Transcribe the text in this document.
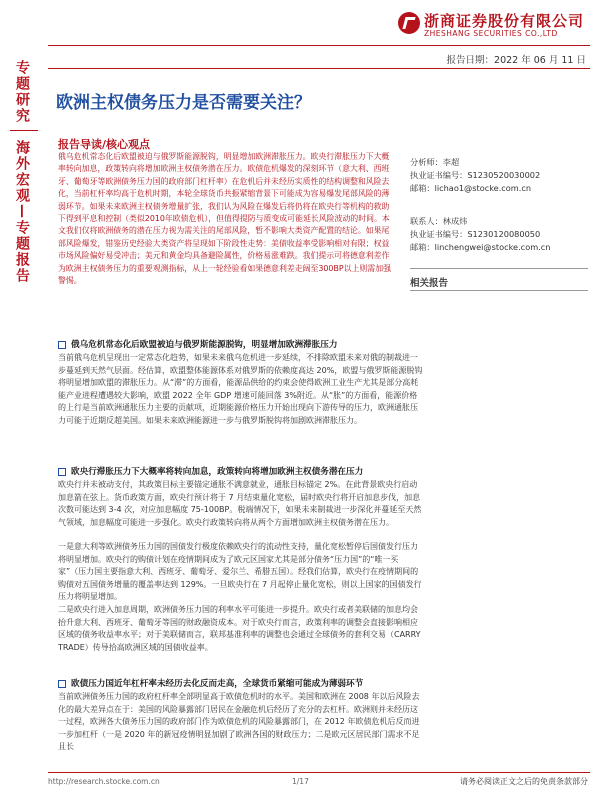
浙商证券股份有限公司
ZHESHANG SECURITIES CO.,LTD
报告日期：2022 年 06 月 11 日
专题研究
海外宏观—专题报告
欧洲主权债务压力是否需要关注？
报告导读/核心观点
俄乌危机常态化后欧盟被迫与俄罗斯能源脱钩，明显增加欧洲滞胀压力。欧央行滞胀压力下大概率转向加息，政策转向将增加欧洲主权债务潜在压力。欧债危机爆发的深刻环节（意大利、西班牙、葡萄牙等欧洲债务压力国的政府部门杠杆率）在危机后并未经历实质性的结构调整和风险去化，当前杠杆率均高于危机时期，本轮全球货币共振紧缩背景下可能成为容易爆发尾部风险的薄弱环节。如果未来欧洲主权债务增量扩张，我们认为风险在爆发后将仍将在欧央行等机构的救助下得到平息和控制（类似2010年欧债危机），但值得提防与质变成可能延长风险波动的时间。本文我们仅将欧洲债务的潜在压力视为需关注的尾部风险，暂不影响大类资产配置的结论。如果尾部风险爆发，错鉴历史经验大类资产将呈现如下阶段性走势：美债收益率受影响相对有限；权益市场风险偏好易受冲击；美元和黄金均具备避险属性，价格易涨难跌。我们提示可将德意利差作为欧洲主权债务压力的重要观测指标，从上一轮经验看如果德意利差走阔至300BP以上则需加强警惕。
分析师：李超
执业证书编号：S1230520030002
邮箱：lichao1@stocke.com.cn
联系人：林成炜
执业证书编号：S1230120080050
邮箱：linchengwei@stocke.com.cn
相关报告
俄乌危机常态化后欧盟被迫与俄罗斯能源脱钩，明显增加欧洲滞胀压力
当前俄乌危机呈现出一定常态化趋势，如果未来俄乌危机进一步延续，不排除欧盟未来对俄的制裁进一步蔓延到天然气层面。经估算，欧盟整体能源体系对俄罗斯的依赖度高达 20%，欧盟与俄罗斯能源脱钩将明显增加欧盟的滞胀压力。从“滞”的方面看，能源品供给的约束会使得欧洲工业生产尤其是部分高耗能产业进程遭遇较大影响，欧盟 2022 全年 GDP 增速可能回落 3%附近。从“胀”的方面看，能源价格的上行是当前欧洲通胀压力主要的贡献项，近期能源价格压力开始出现向下游传导的压力，欧洲通胀压力可能于近期反超美国。如果未来欧洲能源进一步与俄罗斯脱钩将加剧欧洲滞胀压力。
欧央行滞胀压力下大概率将转向加息，政策转向将增加欧洲主权债务潜在压力
欧央行并未被动支付，其政策目标主要锚定通胀不满意就业，通胀目标锚定 2%。在此背景欧央行启动加息箭在弦上。货币政策方面，欧央行预计将于 7 月结束量化宽松，届时欧央行将开启加息步伐，加息次数可能达到 3-4 次，对应加息幅度 75-100BP。税端情况下，如果未来制裁进一步深化并蔓延至天然气领域，加息幅度可能进一步强化。欧央行政策转向将从两个方面增加欧洲主权债务潜在压力。
一是意大利等欧洲债务压力国的国债发行极度依赖欧央行的流动性支持，量化宽松暂停后国债发行压力将明显增加。欧央行的购债计划在疫情期间成为了欧元区国家尤其是部分债务“压力国”的“唯一买家”（压力国主要指意大利、西班牙、葡萄牙、爱尔兰、希腊五国）。经我们估算，欧央行在疫情期间的购债对五国债务增量的覆盖率达到 129%。一旦欧央行在 7 月起停止量化宽松，则以上国家的国债发行压力将明显增加。
二是欧央行进入加息周期，欧洲债务压力国的利率水平可能进一步提升。欧央行或者美联储的加息均会抬升意大利、西班牙、葡萄牙等国的财政融资成本。对于欧央行而言，政策利率的调整会直接影响相应区域的债务收益率水平；对于美联储而言，联邦基准利率的调整也会通过全球债务的套利交易（CARRY TRADE）传导拾高欧洲区域的国债收益率。
欧债压力国近年杠杆率未经历去化反而走高，全球货币紧缩可能成为薄弱环节
当前欧洲债务压力国的政府杠杆率全部明显高于欧债危机时的水平。美国和欧洲在 2008 年以后风险去化的最大差异点在于：美国的风险暴露部门居民在金融危机后经历了充分的去杠杆。欧洲则并未经历这一过程，欧洲各大债务压力国的政府部门作为欧债危机的风险暴露部门，在 2012 年欧债危机后反而进一步加杠杆（一是 2020 年的新冠疫情明显加剧了欧洲各国的财政压力；二是欧元区居民部门需求不足且长
http://research.stocke.com.cn	1/17	请务必阅读正文之后的免责条款部分
